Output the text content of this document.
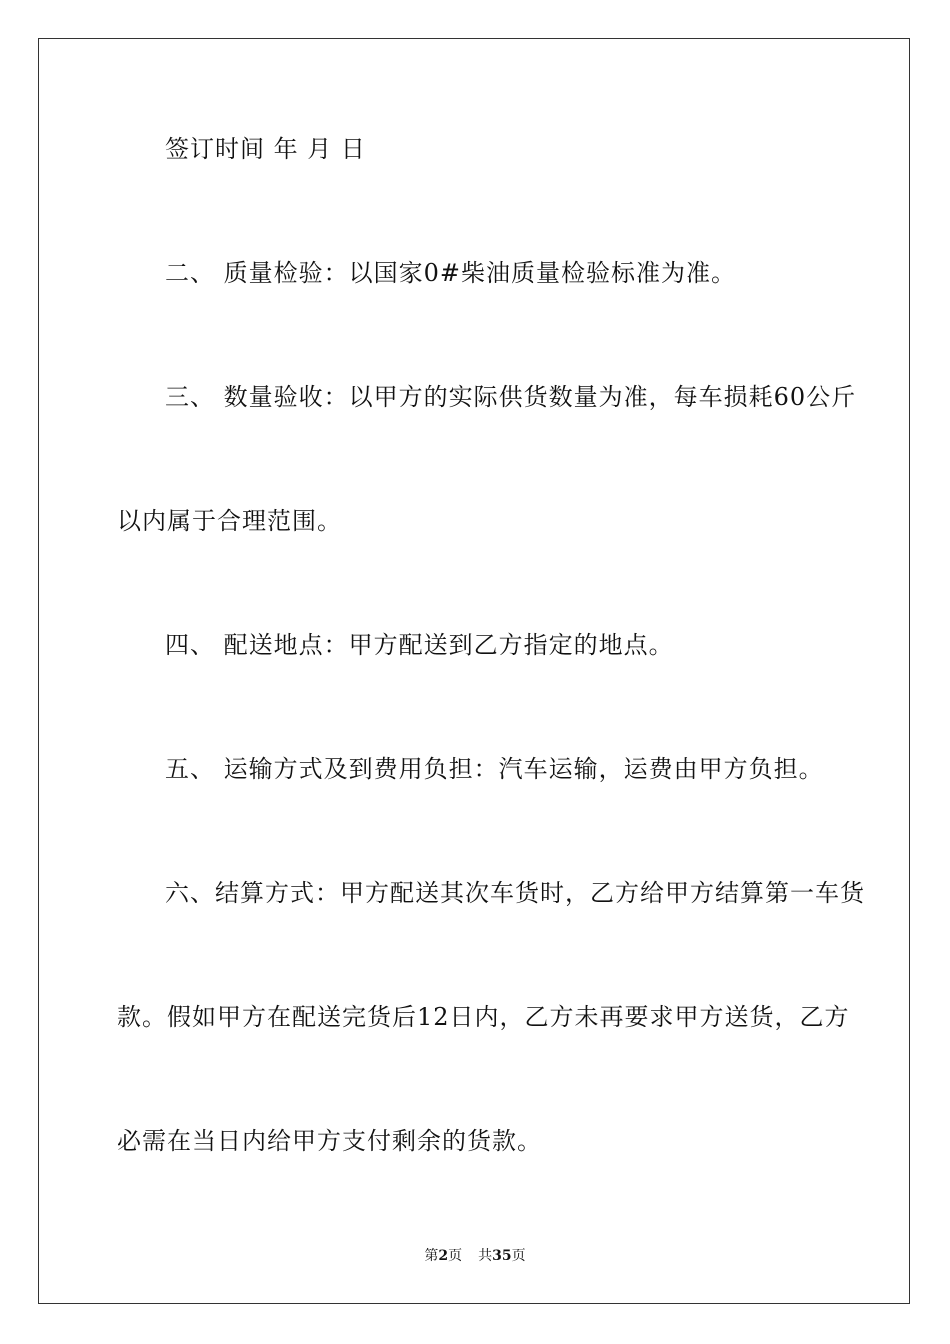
签订时间 年 月 日
二、 质量检验：以国家0#柴油质量检验标准为准。
三、 数量验收：以甲方的实际供货数量为准，每车损耗60公斤
以内属于合理范围。
四、 配送地点：甲方配送到乙方指定的地点。
五、 运输方式及到费用负担：汽车运输，运费由甲方负担。
六、结算方式：甲方配送其次车货时，乙方给甲方结算第一车货
款。假如甲方在配送完货后12日内，乙方未再要求甲方送货，乙方
必需在当日内给甲方支付剩余的货款。
第2页 共35页
